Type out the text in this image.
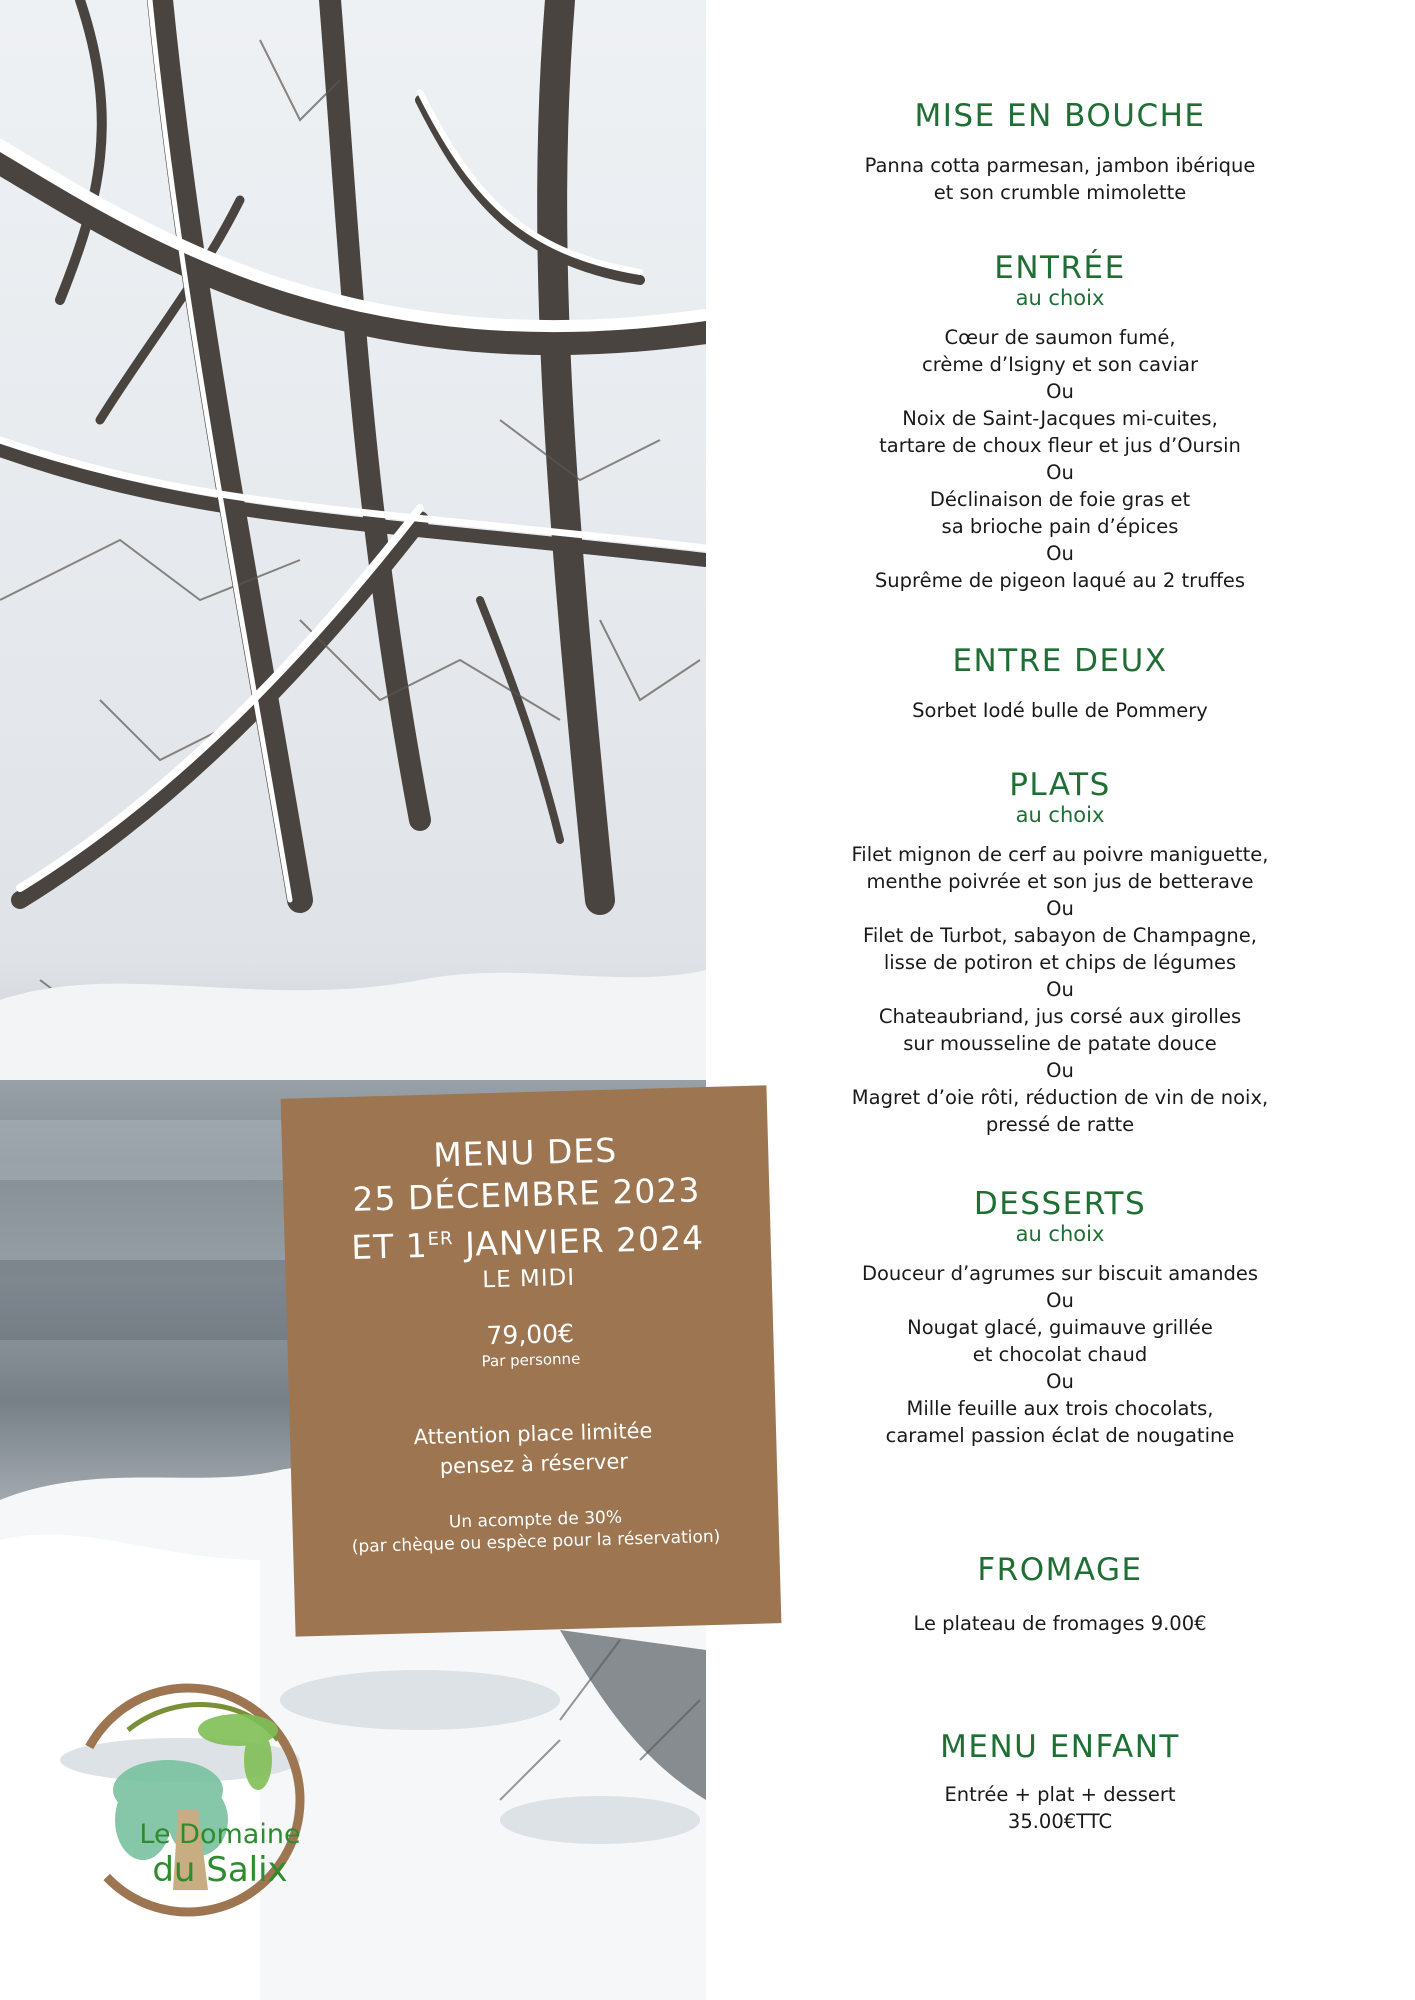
MENU DES
25 DÉCEMBRE 2023
ET 1ER JANVIER 2024
LE MIDI
79,00€
Par personne
Attention place limitée
pensez à réserver
Un acompte de 30%
(par chèque ou espèce pour la réservation)
Le Domaine
du Salix
MISE EN BOUCHE
Panna cotta parmesan, jambon ibérique
et son crumble mimolette
ENTRÉE
au choix
Cœur de saumon fumé,
crème d’Isigny et son caviar
Ou
Noix de Saint-Jacques mi-cuites,
tartare de choux fleur et jus d’Oursin
Ou
Déclinaison de foie gras et
sa brioche pain d’épices
Ou
Suprême de pigeon laqué au 2 truffes
ENTRE DEUX
Sorbet Iodé bulle de Pommery
PLATS
au choix
Filet mignon de cerf au poivre maniguette,
menthe poivrée et son jus de betterave
Ou
Filet de Turbot, sabayon de Champagne,
lisse de potiron et chips de légumes
Ou
Chateaubriand, jus corsé aux girolles
sur mousseline de patate douce
Ou
Magret d’oie rôti, réduction de vin de noix,
pressé de ratte
DESSERTS
au choix
Douceur d’agrumes sur biscuit amandes
Ou
Nougat glacé, guimauve grillée
et chocolat chaud
Ou
Mille feuille aux trois chocolats,
caramel passion éclat de nougatine
FROMAGE
Le plateau de fromages 9.00€
MENU ENFANT
Entrée + plat + dessert
35.00€TTC
